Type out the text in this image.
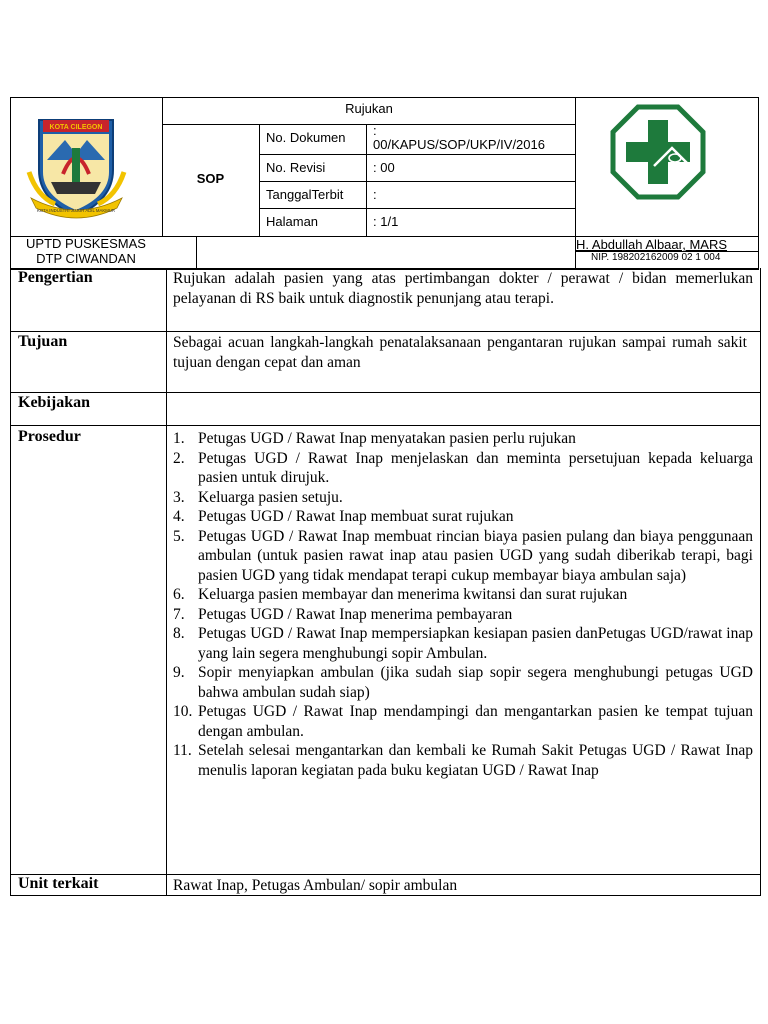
KOTA CILEGON
KOTA INDUSTRI JUJUR ADIL MAKMUR
Rujukan
SOP
No. Dokumen :
00/KAPUS/SOP/UKP/IV/2016
No. Revisi	: 00
TanggalTerbit :
Halaman	: 1/1
UPTD PUSKESMAS
DTP CIWANDAN
H. Abdullah Albaar, MARS
NIP. 198202162009 02 1 004
Pengertian	Rujukan adalah pasien yang atas pertimbangan dokter / perawat / bidan memerlukan pelayanan di RS baik untuk diagnostik penunjang atau terapi.
Tujuan	Sebagai acuan langkah-langkah penatalaksanaan pengantaran rujukan sampai rumah sakit tujuan dengan cepat dan aman
Kebijakan
Prosedur	1. Petugas UGD / Rawat Inap menyatakan pasien perlu rujukan
2. Petugas UGD / Rawat Inap menjelaskan dan meminta persetujuan kepada keluarga pasien untuk dirujuk.
3. Keluarga pasien setuju.
4. Petugas UGD / Rawat Inap membuat surat rujukan
5. Petugas UGD / Rawat Inap membuat rincian biaya pasien pulang dan biaya penggunaan ambulan (untuk pasien rawat inap atau pasien UGD yang sudah diberikab terapi, bagi pasien UGD yang tidak mendapat terapi cukup membayar biaya ambulan saja)
6. Keluarga pasien membayar dan menerima kwitansi dan surat rujukan
7. Petugas UGD / Rawat Inap menerima pembayaran
8. Petugas UGD / Rawat Inap mempersiapkan kesiapan pasien danPetugas UGD/rawat inap yang lain segera menghubungi sopir Ambulan.
9. Sopir menyiapkan ambulan (jika sudah siap sopir segera menghubungi petugas UGD bahwa ambulan sudah siap)
10. Petugas UGD / Rawat Inap mendampingi dan mengantarkan pasien ke tempat tujuan dengan ambulan.
11. Setelah selesai mengantarkan dan kembali ke Rumah Sakit Petugas UGD / Rawat Inap menulis laporan kegiatan pada buku kegiatan UGD / Rawat Inap
Unit terkait	Rawat Inap, Petugas Ambulan/ sopir ambulan
